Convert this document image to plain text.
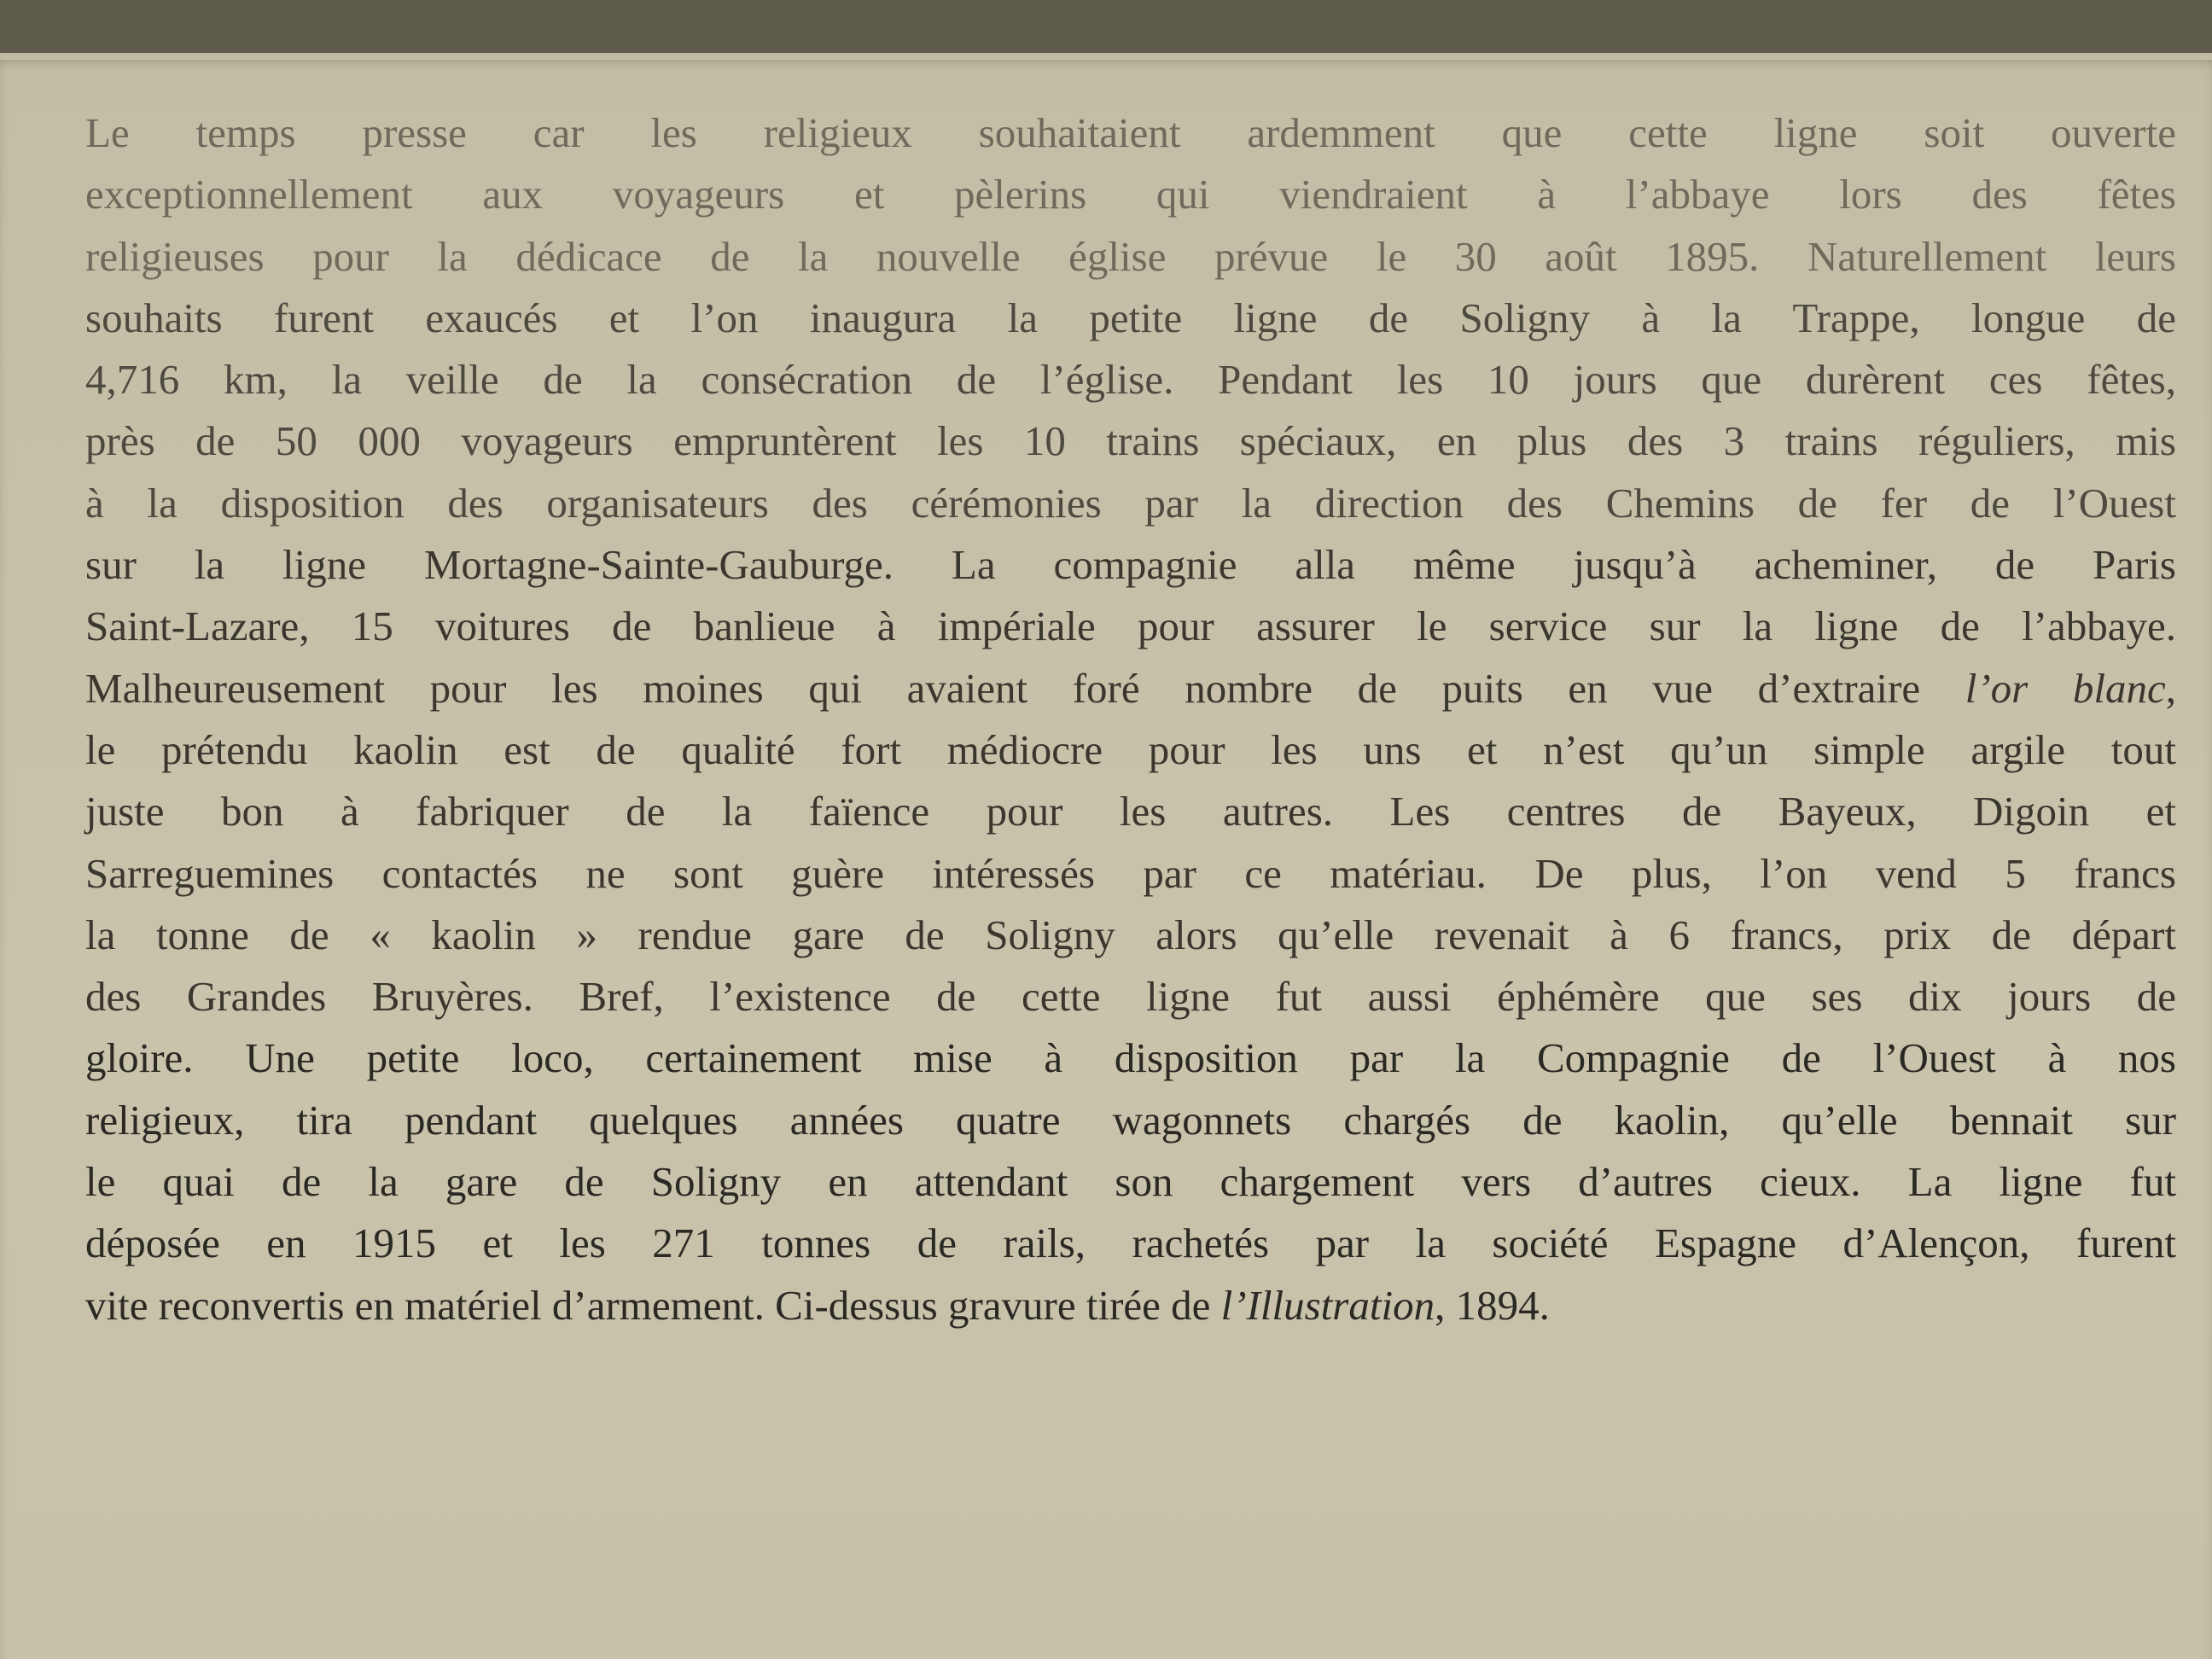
Le temps presse car les religieux souhaitaient ardemment que cette ligne soit ouverte
exceptionnellement aux voyageurs et pèlerins qui viendraient à l’abbaye lors des fêtes
religieuses pour la dédicace de la nouvelle église prévue le 30 août 1895. Naturellement leurs
souhaits furent exaucés et l’on inaugura la petite ligne de Soligny à la Trappe, longue de
4,716 km, la veille de la consécration de l’église. Pendant les 10 jours que durèrent ces fêtes,
près de 50 000 voyageurs empruntèrent les 10 trains spéciaux, en plus des 3 trains réguliers, mis
à la disposition des organisateurs des cérémonies par la direction des Chemins de fer de l’Ouest
sur la ligne Mortagne-Sainte-Gauburge. La compagnie alla même jusqu’à acheminer, de Paris
Saint-Lazare, 15 voitures de banlieue à impériale pour assurer le service sur la ligne de l’abbaye.
Malheureusement pour les moines qui avaient foré nombre de puits en vue d’extraire l’or blanc,
le prétendu kaolin est de qualité fort médiocre pour les uns et n’est qu’un simple argile tout
juste bon à fabriquer de la faïence pour les autres. Les centres de Bayeux, Digoin et
Sarreguemines contactés ne sont guère intéressés par ce matériau. De plus, l’on vend 5 francs
la tonne de « kaolin » rendue gare de Soligny alors qu’elle revenait à 6 francs, prix de départ
des Grandes Bruyères. Bref, l’existence de cette ligne fut aussi éphémère que ses dix jours de
gloire. Une petite loco, certainement mise à disposition par la Compagnie de l’Ouest à nos
religieux, tira pendant quelques années quatre wagonnets chargés de kaolin, qu’elle bennait sur
le quai de la gare de Soligny en attendant son chargement vers d’autres cieux. La ligne fut
déposée en 1915 et les 271 tonnes de rails, rachetés par la société Espagne d’Alençon, furent
vite reconvertis en matériel d’armement. Ci-dessus gravure tirée de l’Illustration, 1894.
